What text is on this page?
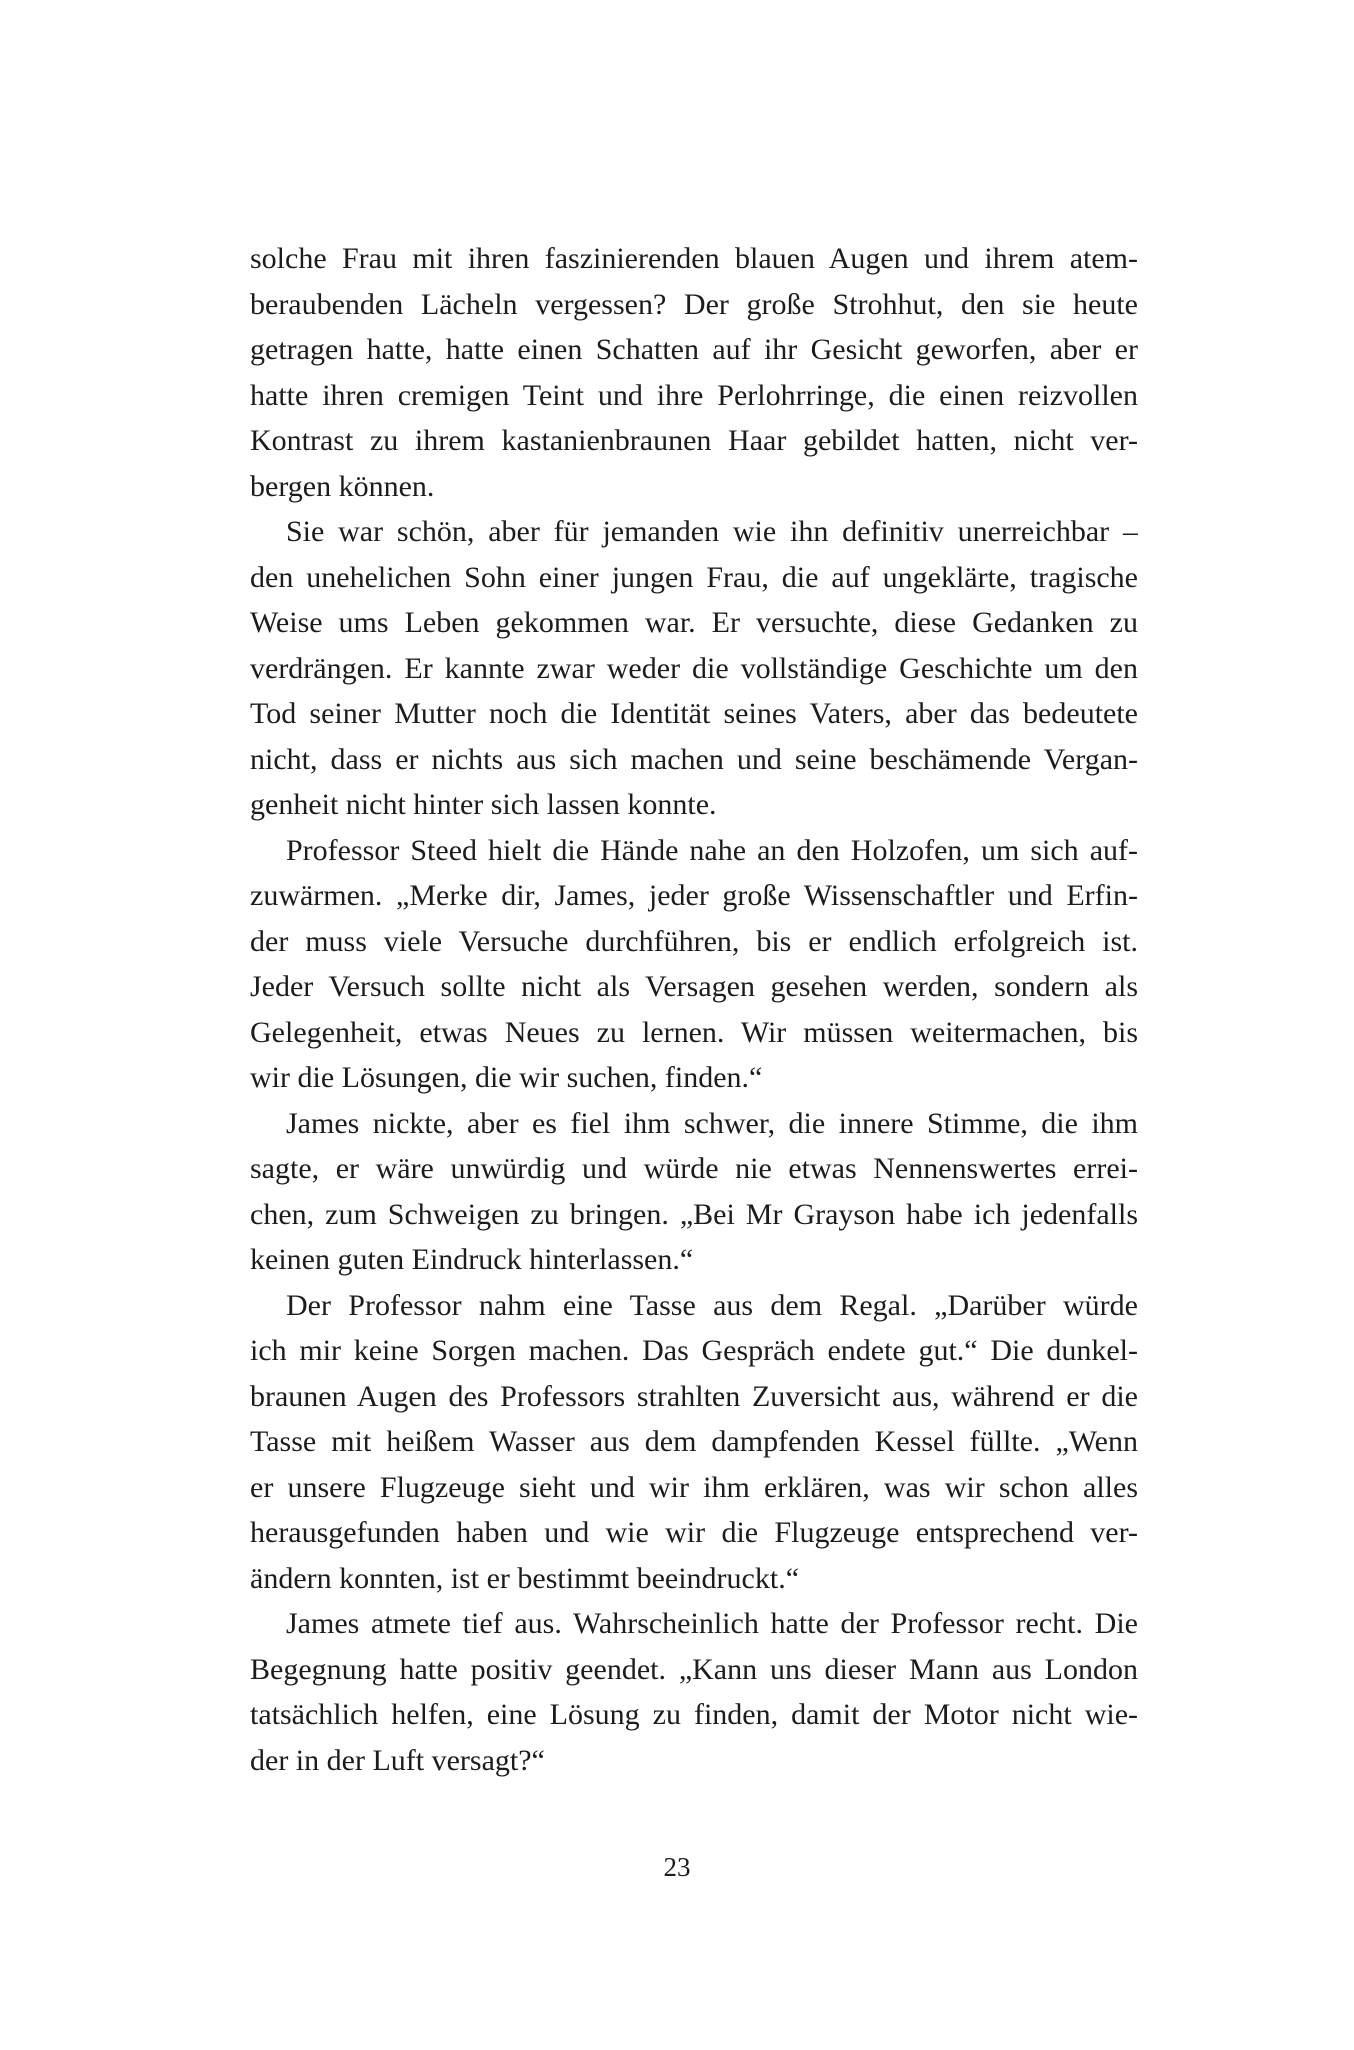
solche Frau mit ihren faszinierenden blauen Augen und ihrem atem-
beraubenden Lächeln vergessen? Der große Strohhut, den sie heute
getragen hatte, hatte einen Schatten auf ihr Gesicht geworfen, aber er
hatte ihren cremigen Teint und ihre Perlohrringe, die einen reizvollen
Kontrast zu ihrem kastanienbraunen Haar gebildet hatten, nicht ver-
bergen können.
Sie war schön, aber für jemanden wie ihn definitiv unerreichbar –
den unehelichen Sohn einer jungen Frau, die auf ungeklärte, tragische
Weise ums Leben gekommen war. Er versuchte, diese Gedanken zu
verdrängen. Er kannte zwar weder die vollständige Geschichte um den
Tod seiner Mutter noch die Identität seines Vaters, aber das bedeutete
nicht, dass er nichts aus sich machen und seine beschämende Vergan-
genheit nicht hinter sich lassen konnte.
Professor Steed hielt die Hände nahe an den Holzofen, um sich auf-
zuwärmen. „Merke dir, James, jeder große Wissenschaftler und Erfin-
der muss viele Versuche durchführen, bis er endlich erfolgreich ist.
Jeder Versuch sollte nicht als Versagen gesehen werden, sondern als
Gelegenheit, etwas Neues zu lernen. Wir müssen weitermachen, bis
wir die Lösungen, die wir suchen, finden.“
James nickte, aber es fiel ihm schwer, die innere Stimme, die ihm
sagte, er wäre unwürdig und würde nie etwas Nennenswertes errei-
chen, zum Schweigen zu bringen. „Bei Mr Grayson habe ich jedenfalls
keinen guten Eindruck hinterlassen.“
Der Professor nahm eine Tasse aus dem Regal. „Darüber würde
ich mir keine Sorgen machen. Das Gespräch endete gut.“ Die dunkel-
braunen Augen des Professors strahlten Zuversicht aus, während er die
Tasse mit heißem Wasser aus dem dampfenden Kessel füllte. „Wenn
er unsere Flugzeuge sieht und wir ihm erklären, was wir schon alles
herausgefunden haben und wie wir die Flugzeuge entsprechend ver-
ändern konnten, ist er bestimmt beeindruckt.“
James atmete tief aus. Wahrscheinlich hatte der Professor recht. Die
Begegnung hatte positiv geendet. „Kann uns dieser Mann aus London
tatsächlich helfen, eine Lösung zu finden, damit der Motor nicht wie-
der in der Luft versagt?“
23
